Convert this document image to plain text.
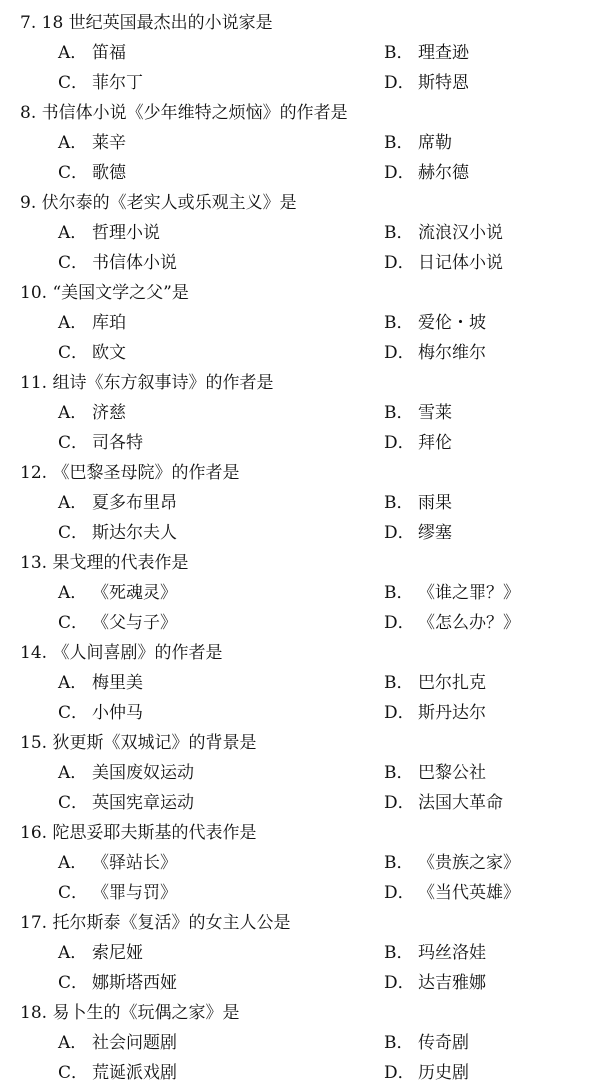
7. 18 世纪英国最杰出的小说家是
A． 笛福	B． 理查逊
C． 菲尔丁	D． 斯特恩
8. 书信体小说《少年维特之烦恼》的作者是
A． 莱辛	B． 席勒
C． 歌德	D． 赫尔德
9. 伏尔泰的《老实人或乐观主义》是
A． 哲理小说	B． 流浪汉小说
C． 书信体小说	D． 日记体小说
10. “美国文学之父”是
A． 库珀	B． 爱伦・坡
C． 欧文	D． 梅尔维尔
11. 组诗《东方叙事诗》的作者是
A． 济慈	B． 雪莱
C． 司各特	D． 拜伦
12. 《巴黎圣母院》的作者是
A． 夏多布里昂	B． 雨果
C． 斯达尔夫人	D． 缪塞
13. 果戈理的代表作是
A． 《死魂灵》	B． 《谁之罪？》
C． 《父与子》	D． 《怎么办？》
14. 《人间喜剧》的作者是
A． 梅里美	B． 巴尔扎克
C． 小仲马	D． 斯丹达尔
15. 狄更斯《双城记》的背景是
A． 美国废奴运动	B． 巴黎公社
C． 英国宪章运动	D． 法国大革命
16. 陀思妥耶夫斯基的代表作是
A． 《驿站长》	B． 《贵族之家》
C． 《罪与罚》	D． 《当代英雄》
17. 托尔斯泰《复活》的女主人公是
A． 索尼娅	B． 玛丝洛娃
C． 娜斯塔西娅	D． 达吉雅娜
18. 易卜生的《玩偶之家》是
A． 社会问题剧	B． 传奇剧
C． 荒诞派戏剧	D． 历史剧
